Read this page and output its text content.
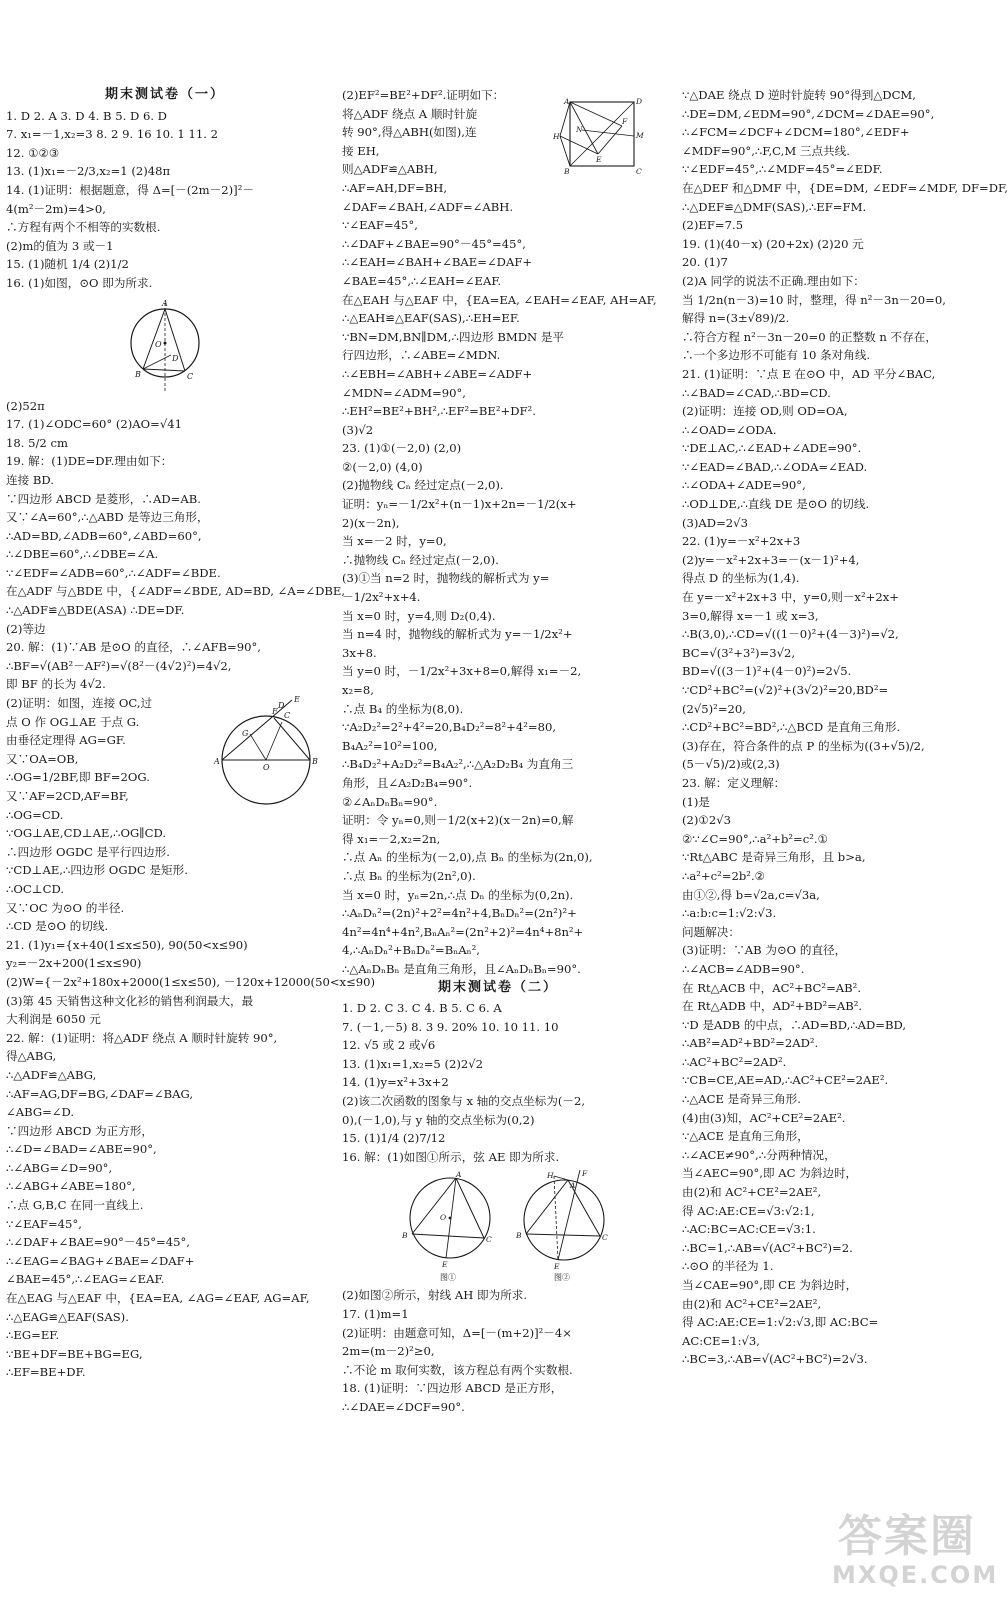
期末测试卷（一）
1. D 2. A 3. D 4. B 5. D 6. D
7. x₁=－1,x₂=3 8. 2 9. 16 10. 1 11. 2
12. ①②③
13. (1)x₁=－2/3,x₂=1 (2)48π
14. (1)证明：根据题意，得 Δ=[－(2m－2)]²－
4(m²－2m)=4>0,
∴方程有两个不相等的实数根.
(2)m的值为 3 或－1
15. (1)随机 1/4 (2)1/2
16. (1)如图，⊙O 即为所求.
A
B	C
D
O
(2)52π
17. (1)∠ODC=60° (2)AO=√41
18. 5/2 cm
19. 解：(1)DE=DF.理由如下：
连接 BD.
∵四边形 ABCD 是菱形，∴AD=AB.
又∵∠A=60°,∴△ABD 是等边三角形，
∴AD=BD,∠ADB=60°,∠ABD=60°,
∴∠DBE=60°,∴∠DBE=∠A.
∵∠EDF=∠ADB=60°,∴∠ADF=∠BDE.
在△ADF 与△BDE 中，{∠ADF=∠BDE, AD=BD, ∠A=∠DBE,
∴△ADF≌△BDE(ASA) ∴DE=DF.
(2)等边
20. 解：(1)∵AB 是⊙O 的直径，∴∠AFB=90°,
∴BF=√(AB²－AF²)=√(8²－(4√2)²)=4√2,
即 BF 的长为 4√2.
(2)证明：如图，连接 OC,过
点 O 作 OG⊥AE 于点 G.
由垂径定理得 AG=GF.
又∵OA=OB,
∴OG=1/2BF,即 BF=2OG.
又∵AF=2CD,AF=BF,
∴OG=CD.
A	B
O
G
C
F
D
E
∵OG⊥AE,CD⊥AE,∴OG∥CD.
∴四边形 OGDC 是平行四边形.
∵CD⊥AE,∴四边形 OGDC 是矩形.
∴OC⊥CD.
又∵OC 为⊙O 的半径.
∴CD 是⊙O 的切线.
21. (1)y₁={x+40(1≤x≤50), 90(50<x≤90)
y₂=－2x+200(1≤x≤90)
(2)W={－2x²+180x+2000(1≤x≤50), －120x+12000(50<x≤90)
(3)第 45 天销售这种文化衫的销售利润最大，最
大利润是 6050 元
22. 解：(1)证明：将△ADF 绕点 A 顺时针旋转 90°,
得△ABG,
∴△ADF≌△ABG,
∴AF=AG,DF=BG,∠DAF=∠BAG,
∠ABG=∠D.
∵四边形 ABCD 为正方形，
∴∠D=∠BAD=∠ABE=90°,
∴∠ABG=∠D=90°,
∴∠ABG+∠ABE=180°,
∴点 G,B,C 在同一直线上.
∵∠EAF=45°,
∴∠DAF+∠BAE=90°－45°=45°,
∴∠EAG=∠BAG+∠BAE=∠DAF+
∠BAE=45°,∴∠EAG=∠EAF.
在△EAG 与△EAF 中，{EA=EA, ∠AG=∠EAF, AG=AF,
∴△EAG≌△EAF(SAS).
∴EG=EF.
∵BE+DF=BE+BG=EG,
∴EF=BE+DF.
(2)EF²=BE²+DF².证明如下：
将△ADF 绕点 A 顺时针旋
转 90°,得△ABH(如图),连
接 EH,
则△ADF≌△ABH,
A	D
B	C
H	M
N
E
F
∴AF=AH,DF=BH,
∠DAF=∠BAH,∠ADF=∠ABH.
∵∠EAF=45°,
∴∠DAF+∠BAE=90°－45°=45°,
∴∠EAH=∠BAH+∠BAE=∠DAF+
∠BAE=45°,∴∠EAH=∠EAF.
在△EAH 与△EAF 中，{EA=EA, ∠EAH=∠EAF, AH=AF,
∴△EAH≌△EAF(SAS),∴EH=EF.
∵BN=DM,BN∥DM,∴四边形 BMDN 是平
行四边形，∴∠ABE=∠MDN.
∴∠EBH=∠ABH+∠ABE=∠ADF+
∠MDN=∠ADM=90°,
∴EH²=BE²+BH²,∴EF²=BE²+DF².
(3)√2
23. (1)①(－2,0) (2,0)
②(－2,0) (4,0)
(2)抛物线 Cₙ 经过定点(－2,0).
证明：yₙ=－1/2x²+(n－1)x+2n=－1/2(x+
2)(x－2n),
当 x=－2 时，y=0,
∴抛物线 Cₙ 经过定点(－2,0).
(3)①当 n=2 时，抛物线的解析式为 y=
－1/2x²+x+4.
当 x=0 时，y=4,则 D₂(0,4).
当 n=4 时，抛物线的解析式为 y=－1/2x²+
3x+8.
当 y=0 时，－1/2x²+3x+8=0,解得 x₁=－2,
x₂=8,
∴点 B₄ 的坐标为(8,0).
∵A₂D₂²=2²+4²=20,B₄D₂²=8²+4²=80,
B₄A₂²=10²=100,
∴B₄D₂²+A₂D₂²=B₄A₂²,∴△A₂D₂B₄ 为直角三
角形，且∠A₂D₂B₄=90°.
②∠AₙDₙBₙ=90°.
证明：令 yₙ=0,则－1/2(x+2)(x－2n)=0,解
得 x₁=－2,x₂=2n,
∴点 Aₙ 的坐标为(－2,0),点 Bₙ 的坐标为(2n,0),
∴点 Bₙ 的坐标为(2n²,0).
当 x=0 时，yₙ=2n,∴点 Dₙ 的坐标为(0,2n).
∴AₙDₙ²=(2n)²+2²=4n²+4,BₙDₙ²=(2n²)²+
4n²=4n⁴+4n²,BₙAₙ²=(2n²+2)²=4n⁴+8n²+
4,∴AₙDₙ²+BₙDₙ²=BₙAₙ²,
∴△AₙDₙBₙ 是直角三角形，且∠AₙDₙBₙ=90°.
期末测试卷（二）
1. D 2. C 3. C 4. B 5. C 6. A
7. (－1,－5) 8. 3 9. 20% 10. 10 11. 10
12. √5 或 2 或√6
13. (1)x₁=1,x₂=5 (2)2√2
14. (1)y=x²+3x+2
(2)该二次函数的图象与 x 轴的交点坐标为(－2,
0),(－1,0),与 y 轴的交点坐标为(0,2)
15. (1)1/4 (2)7/12
16. 解：(1)如图①所示，弦 AE 即为所求.
A
B	C
O
E
图①
F
H
A
B	C
E
图②
(2)如图②所示，射线 AH 即为所求.
17. (1)m=1
(2)证明：由题意可知，Δ=[－(m+2)]²－4×
2m=(m－2)²≥0,
∴不论 m 取何实数，该方程总有两个实数根.
18. (1)证明：∵四边形 ABCD 是正方形，
∴∠DAE=∠DCF=90°.
∵△DAE 绕点 D 逆时针旋转 90°得到△DCM,
∴DE=DM,∠EDM=90°,∠DCM=∠DAE=90°,
∴∠FCM=∠DCF+∠DCM=180°,∠EDF+
∠MDF=90°,∴F,C,M 三点共线.
∵∠EDF=45°,∴∠MDF=45°=∠EDF.
在△DEF 和△DMF 中，{DE=DM, ∠EDF=∠MDF, DF=DF,
∴△DEF≌△DMF(SAS),∴EF=FM.
(2)EF=7.5
19. (1)(40－x) (20+2x) (2)20 元
20. (1)7
(2)A 同学的说法不正确.理由如下：
当 1/2n(n－3)=10 时，整理，得 n²－3n－20=0,
解得 n=(3±√89)/2.
∴符合方程 n²－3n－20=0 的正整数 n 不存在，
∴一个多边形不可能有 10 条对角线.
21. (1)证明：∵点 E 在⊙O 中，AD 平分∠BAC,
∴∠BAD=∠CAD,∴BD=CD.
(2)证明：连接 OD,则 OD=OA,
∴∠OAD=∠ODA.
∵DE⊥AC,∴∠EAD+∠ADE=90°.
∵∠EAD=∠BAD,∴∠ODA=∠EAD.
∴∠ODA+∠ADE=90°,
∴OD⊥DE,∴直线 DE 是⊙O 的切线.
(3)AD=2√3
22. (1)y=－x²+2x+3
(2)y=－x²+2x+3=－(x－1)²+4,
得点 D 的坐标为(1,4).
在 y=－x²+2x+3 中，y=0,则－x²+2x+
3=0,解得 x=－1 或 x=3,
∴B(3,0),∴CD=√((1－0)²+(4－3)²)=√2,
BC=√(3²+3²)=3√2,
BD=√((3－1)²+(4－0)²)=2√5.
∵CD²+BC²=(√2)²+(3√2)²=20,BD²=
(2√5)²=20,
∴CD²+BC²=BD²,∴△BCD 是直角三角形.
(3)存在，符合条件的点 P 的坐标为((3+√5)/2,
(5－√5)/2)或(2,3)
23. 解：定义理解：
(1)是
(2)①2√3
②∵∠C=90°,∴a²+b²=c².①
∵Rt△ABC 是奇异三角形，且 b>a,
∴a²+c²=2b².②
由①②,得 b=√2a,c=√3a,
∴a:b:c=1:√2:√3.
问题解决：
(3)证明：∵AB 为⊙O 的直径，
∴∠ACB=∠ADB=90°.
在 Rt△ACB 中，AC²+BC²=AB².
在 Rt△ADB 中，AD²+BD²=AB².
∵D 是ADB 的中点，∴AD=BD,∴AD=BD,
∴AB²=AD²+BD²=2AD².
∴AC²+BC²=2AD².
∵CB=CE,AE=AD,∴AC²+CE²=2AE².
∴△ACE 是奇异三角形.
(4)由(3)知，AC²+CE²=2AE².
∵△ACE 是直角三角形，
∴∠ACE≠90°,∴分两种情况，
当∠AEC=90°,即 AC 为斜边时，
由(2)和 AC²+CE²=2AE²,
得 AC:AE:CE=√3:√2:1,
∴AC:BC=AC:CE=√3:1.
∴BC=1,∴AB=√(AC²+BC²)=2.
∴⊙O 的半径为 1.
当∠CAE=90°,即 CE 为斜边时，
由(2)和 AC²+CE²=2AE²,
得 AC:AE:CE=1:√2:√3,即 AC:BC=
AC:CE=1:√3,
∴BC=3,∴AB=√(AC²+BC²)=2√3.
答案圈
MXQE.COM
